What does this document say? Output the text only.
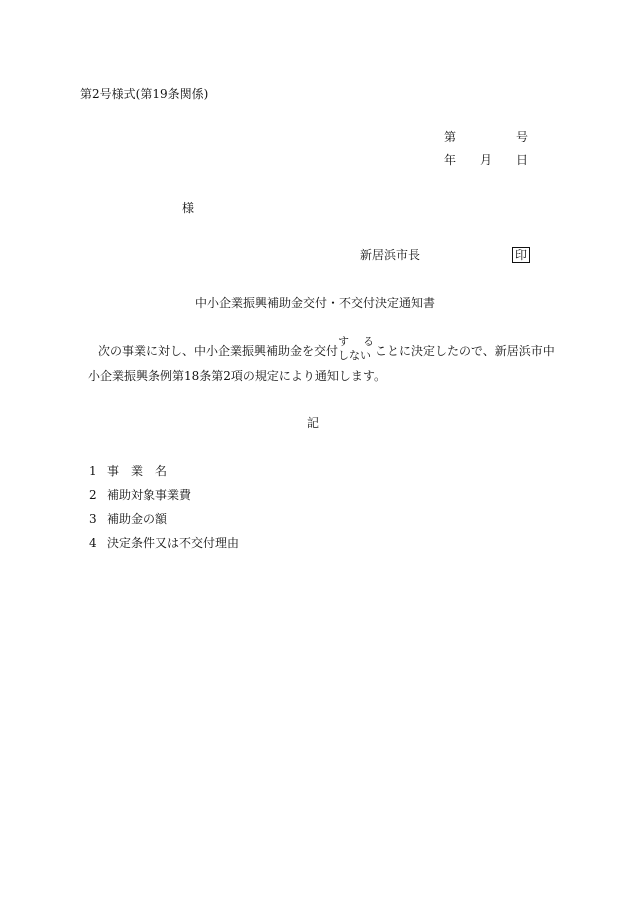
第2号様式(第19条関係)
第	号
年 月 日
様
新居浜市長	印
中小企業振興補助金交付・不交付決定通知書
次の事業に対し、中小企業振興補助金を交付
す る
しない ことに決定したので、新居浜市中
小企業振興条例第18条第2項の規定により通知します。
記
1 事　業　名
2 補助対象事業費
3 補助金の額
4 決定条件又は不交付理由
